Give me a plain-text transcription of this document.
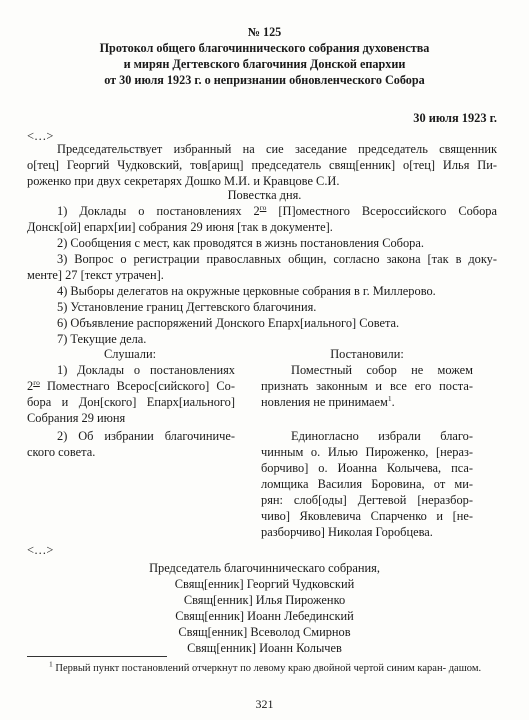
№ 125
Протокол общего благочиннического собрания духовенства
и мирян Дегтевского благочиния Донской епархии
от 30 июля 1923 г. о непризнании обновленческого Собора
30 июля 1923 г.
<…>
Председательствует избранный на сие заседание председатель священник
о[тец] Георгий Чудковский, тов[арищ] председатель свящ[енник] о[тец] Илья Пи-
роженко при двух секретарях Дошко М.И. и Кравцове С.И.
Повестка дня.
1) Доклады о постановлениях $2^{го}$ [П]оместного Всероссийского Собора
Донск[ой] епарх[ии] собрания 29 июня [так в документе].
2) Сообщения с мест, как проводятся в жизнь постановления Собора.
3) Вопрос о регистрации православных общин, согласно закона [так в доку-
менте] 27 [текст утрачен].
4) Выборы делегатов на окружные церковные собрания в г. Миллерово.
5) Установление границ Дегтевского благочиния.
6) Объявление распоряжений Донского Епарх[иального] Совета.
7) Текущие дела.
Слушали:	Постановили:
1) Доклады о постановлениях
$2^{го}$ Поместнаго Всерос[сийского] Со-
бора и Дон[ского] Епарх[иального]
Собрания 29 июня
2) Об избрании благочиниче-
ского совета.
Поместный собор не можем
признать законным и все его поста-
новления не принимаем$^1$.
Единогласно избрали благо-
чинным о. Илью Пироженко, [нераз-
борчиво] о. Иоанна Колычева, пса-
ломщика Василия Боровина, от ми-
рян: слоб[оды] Дегтевой [неразбор-
чиво] Яковлевича Спарченко и [не-
разборчиво] Николая Горобцева.
<…>
Председатель благочинническаго собрания,
Свящ[енник] Георгий Чудковский
Свящ[енник] Илья Пироженко
Свящ[енник] Иоанн Лебединский
Свящ[енник] Всеволод Смирнов
Свящ[енник] Иоанн Колычев
$^1$ Первый пункт постановлений отчеркнут по левому краю двойной чертой синим каран- дашом.
321
